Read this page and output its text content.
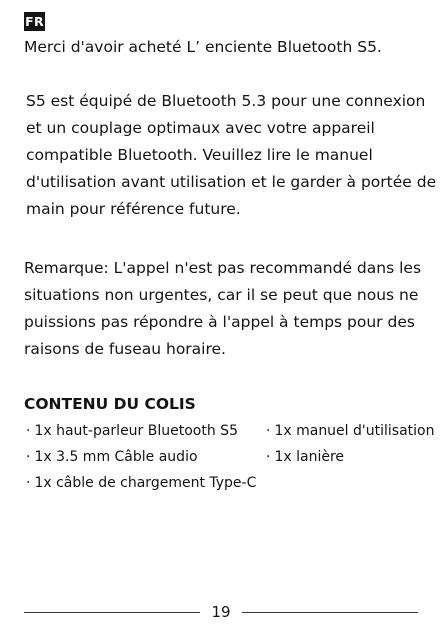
FR

Merci d'avoir acheté L’ enciente Bluetooth S5.

S5 est équipé de Bluetooth 5.3 pour une connexion
et un couplage optimaux avec votre appareil
compatible Bluetooth. Veuillez lire le manuel
d'utilisation avant utilisation et le garder à portée de
main pour référence future.

Remarque: L'appel n'est pas recommandé dans les
situations non urgentes, car il se peut que nous ne
puissions pas répondre à l'appel à temps pour des
raisons de fuseau horaire.

CONTENU DU COLIS
· 1x haut-parleur Bluetooth S5 · 1x manuel d'utilisation
· 1x 3.5 mm Câble audio	· 1x lanière
· 1x câble de chargement Type-C
19
